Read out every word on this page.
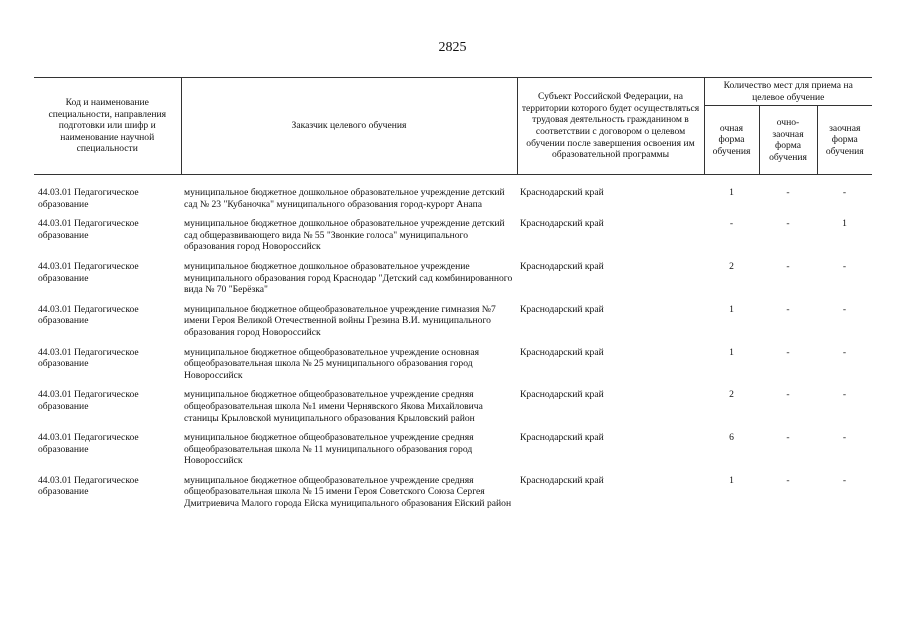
2825
Код и наименование специальности, направления подготовки или шифр и наименование научной специальности	Заказчик целевого обучения	Субъект Российской Федерации, на территории которого будет осуществляться трудовая деятельность гражданином в соответствии с договором о целевом обучении после завершения освоения им образовательной программы	Количество мест для приема на целевое обучение		
			очная форма обучения	очно-заочная форма обучения	заочная форма обучения
44.03.01 Педагогическое образование	муниципальное бюджетное дошкольное образовательное учреждение детский сад № 23 "Кубаночка" муниципального образования город-курорт Анапа	Краснодарский край	1	-	-
44.03.01 Педагогическое образование	муниципальное бюджетное дошкольное образовательное учреждение детский сад общеразвивающего вида № 55 "Звонкие голоса" муниципального образования город Новороссийск	Краснодарский край	-	-	1
44.03.01 Педагогическое образование	муниципальное бюджетное дошкольное образовательное учреждение муниципального образования город Краснодар "Детский сад комбинированного вида № 70 "Берёзка"	Краснодарский край	2	-	-
44.03.01 Педагогическое образование	муниципальное бюджетное общеобразовательное учреждение гимназия №7 имени Героя Великой Отечественной войны Грезина В.И. муниципального образования город Новороссийск	Краснодарский край	1	-	-
44.03.01 Педагогическое образование	муниципальное бюджетное общеобразовательное учреждение основная общеобразовательная школа № 25 муниципального образования город Новороссийск	Краснодарский край	1	-	-
44.03.01 Педагогическое образование	муниципальное бюджетное общеобразовательное учреждение средняя общеобразовательная школа №1 имени Чернявского Якова Михайловича станицы Крыловской муниципального образования Крыловский район	Краснодарский край	2	-	-
44.03.01 Педагогическое образование	муниципальное бюджетное общеобразовательное учреждение средняя общеобразовательная школа № 11 муниципального образования город Новороссийск	Краснодарский край	6	-	-
44.03.01 Педагогическое образование	муниципальное бюджетное общеобразовательное учреждение средняя общеобразовательная школа № 15 имени Героя Советского Союза Сергея Дмитриевича Малого города Ейска муниципального образования Ейский район	Краснодарский край	1	-	-
